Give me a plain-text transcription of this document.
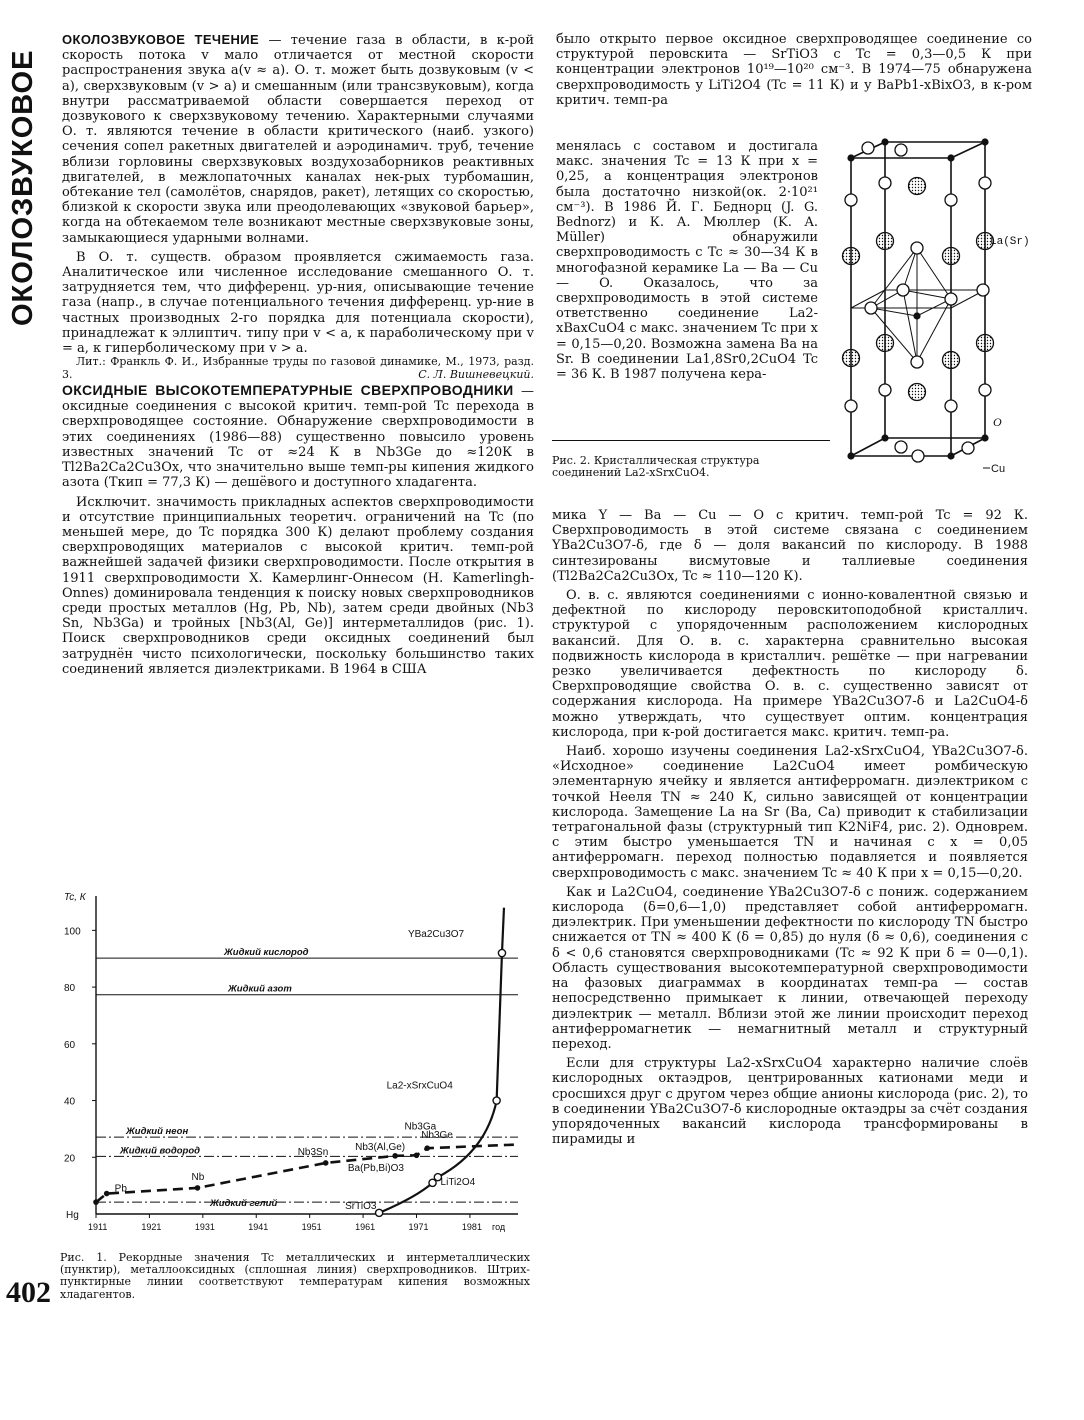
ОКОЛОЗВУКОВОЕ
402

ОКОЛОЗВУКОВОЕ ТЕЧЕНИЕ — течение газа в области, в к-рой скорость потока v мало отличается от местной скорости распространения звука a(v ≈ a). О. т. может быть дозвуковым (v < a), сверхзвуковым (v > a) и смешанным (или трансзвуковым), когда внутри рассматриваемой области совершается переход от дозвукового к сверхзвуковому течению. Характерными случаями О. т. являются течение в области критического (наиб. узкого) сечения сопел ракетных двигателей и аэродинамич. труб, течение вблизи горловины сверхзвуковых воздухозаборников реактивных двигателей, в межлопаточных каналах нек-рых турбомашин, обтекание тел (самолётов, снарядов, ракет), летящих со скоростью, близкой к скорости звука или преодолевающих «звуковой барьер», когда на обтекаемом теле возникают местные сверхзвуковые зоны, замыкающиеся ударными волнами.

В О. т. существ. образом проявляется сжимаемость газа. Аналитическое или численное исследование смешанного О. т. затрудняется тем, что дифференц. ур-ния, описывающие течение газа (напр., в случае потенциального течения дифференц. ур-ние в частных производных 2-го порядка для потенциала скорости), принадлежат к эллиптич. типу при v < a, к параболическому при v = a, к гиперболическому при v > a.

Лит.: Франкль Ф. И., Избранные труды по газовой динамике, М., 1973, разд. 3.	С. Л. Вишневецкий.

ОКСИДНЫЕ ВЫСОКОТЕМПЕРАТУРНЫЕ СВЕРХПРОВОДНИКИ — оксидные соединения с высокой критич. темп-рой Tc перехода в сверхпроводящее состояние. Обнаружение сверхпроводимости в этих соединениях (1986—88) существенно повысило уровень известных значений Tc от ≈24 К в Nb3Ge до ≈120К в Tl2Ba2Ca2Cu3Ox, что значительно выше темп-ры кипения жидкого азота (Tкип = 77,3 К) — дешёвого и доступного хладагента.

Исключит. значимость прикладных аспектов сверхпроводимости и отсутствие принципиальных теоретич. ограничений на Tc (по меньшей мере, до Tc порядка 300 К) делают проблему создания сверхпроводящих материалов с высокой критич. темп-рой важнейшей задачей физики сверхпроводимости. После открытия в 1911 сверхпроводимости Х. Камерлинг-Оннесом (H. Kamerlingh-Onnes) доминировала тенденция к поиску новых сверхпроводников среди простых металлов (Hg, Pb, Nb), затем среди двойных (Nb3 Sn, Nb3Ga) и тройных [Nb3(Al, Ge)] интерметаллидов (рис. 1). Поиск сверхпроводников среди оксидных соединений был затруднён чисто психологически, поскольку большинство таких соединений является диэлектриками. В 1964 в США

было открыто первое оксидное сверхпроводящее соединение со структурой перовскита — SrTiO3 с Tc = 0,3—0,5 К при концентрации электронов 10¹⁹—10²⁰ см⁻³. В 1974—75 обнаружена сверхпроводимость у LiTi2O4 (Tc = 11 К) и у BaPb1-xBixO3, в к-ром критич. темп-ра

менялась с составом и достигала макс. значения Tc = 13 К при x = 0,25, а концентрация электронов была достаточно низкой(ок. 2·10²¹ см⁻³). В 1986 Й. Г. Беднорц (J. G. Bednorz) и К. А. Мюллер (K. A. Müller) обнаружили сверхпроводимость с Tc ≈ 30—34 К в многофазной керамике La — Ba — Cu — O. Оказалось, что за сверхпроводимость в этой системе ответственно соединение La2-xBaxCuO4 с макс. значением Tc при x = 0,15—0,20. Возможна замена Ba на Sr. В соединении La1,8Sr0,2CuO4 Tc = 36 К. В 1987 получена кера-

La(Sr)
O
Cu
Рис. 2. Кристаллическая структура соединений La2-xSrxCuO4.

мика Y — Ba — Cu — O с критич. темп-рой Tc = 92 К. Сверхпроводимость в этой системе связана с соединением YBa2Cu3O7-δ, где δ — доля вакансий по кислороду. В 1988 синтезированы висмутовые и таллиевые соединения (Tl2Ba2Ca2Cu3Ox, Tc ≈ 110—120 К).

О. в. с. являются соединениями с ионно-ковалентной связью и дефектной по кислороду перовскитоподобной кристаллич. структурой с упорядоченным расположением кислородных вакансий. Для О. в. с. характерна сравнительно высокая подвижность кислорода в кристаллич. решётке — при нагревании резко увеличивается дефектность по кислороду δ. Сверхпроводящие свойства О. в. с. существенно зависят от содержания кислорода. На примере YBa2Cu3O7-δ и La2CuO4-δ можно утверждать, что существует оптим. концентрация кислорода, при к-рой достигается макс. критич. темп-ра.

Наиб. хорошо изучены соединения La2-xSrxCuO4, YBa2Cu3O7-δ. «Исходное» соединение La2CuO4 имеет ромбическую элементарную ячейку и является антиферромагн. диэлектриком с точкой Нееля TN ≈ 240 К, сильно зависящей от концентрации кислорода. Замещение La на Sr (Ba, Ca) приводит к стабилизации тетрагональной фазы (структурный тип K2NiF4, рис. 2). Одноврем. с этим быстро уменьшается TN и начиная с x = 0,05 антиферромагн. переход полностью подавляется и появляется сверхпроводимость с макс. значением Tc ≈ 40 К при x = 0,15—0,20.

Как и La2CuO4, соединение YBa2Cu3O7-δ с пониж. содержанием кислорода (δ=0,6—1,0) представляет собой антиферромагн. диэлектрик. При уменьшении дефектности по кислороду TN быстро снижается от TN ≈ 400 К (δ = 0,85) до нуля (δ ≈ 0,6), соединения с δ < 0,6 становятся сверхпроводниками (Tc ≈ 92 К при δ = 0—0,1). Область существования высокотемпературной сверхпроводимости на фазовых диаграммах в координатах темп-ра — состав непосредственно примыкает к линии, отвечающей переходу диэлектрик — металл. Вблизи этой же линии происходит переход антиферромагнетик — немагнитный металл и структурный переход.

Если для структуры La2-xSrxCuO4 характерно наличие слоёв кислородных октаэдров, центрированных катионами меди и сросшихся друг с другом через общие анионы кислорода (рис. 2), то в соединении YBa2Cu3O7-δ кислородные октаэдры за счёт создания упорядоченных вакансий кислорода трансформированы в пирамиды и

Tc, К
20
40
60
80
100
Hg
1911	1921	1931	1941	1951	1961	1971	1981 год
Жидкий кислород
Жидкий азот
Жидкий неон
Жидкий водород
Жидкий гелий
Pb
Nb
Nb3Sn	Nb3(Al,Ge)
Nb3Ga
Nb3Ge
SrTiO3
Ba(Pb,Bi)O3
LiTi2O4
La2-xSrxCuO4
YBa2Cu3O7
Рис. 1. Рекордные значения Tc металлических и интерметаллических (пунктир), металлооксидных (сплошная линия) сверхпроводников. Штрих-пунктирные линии соответствуют температурам кипения возможных хладагентов.
